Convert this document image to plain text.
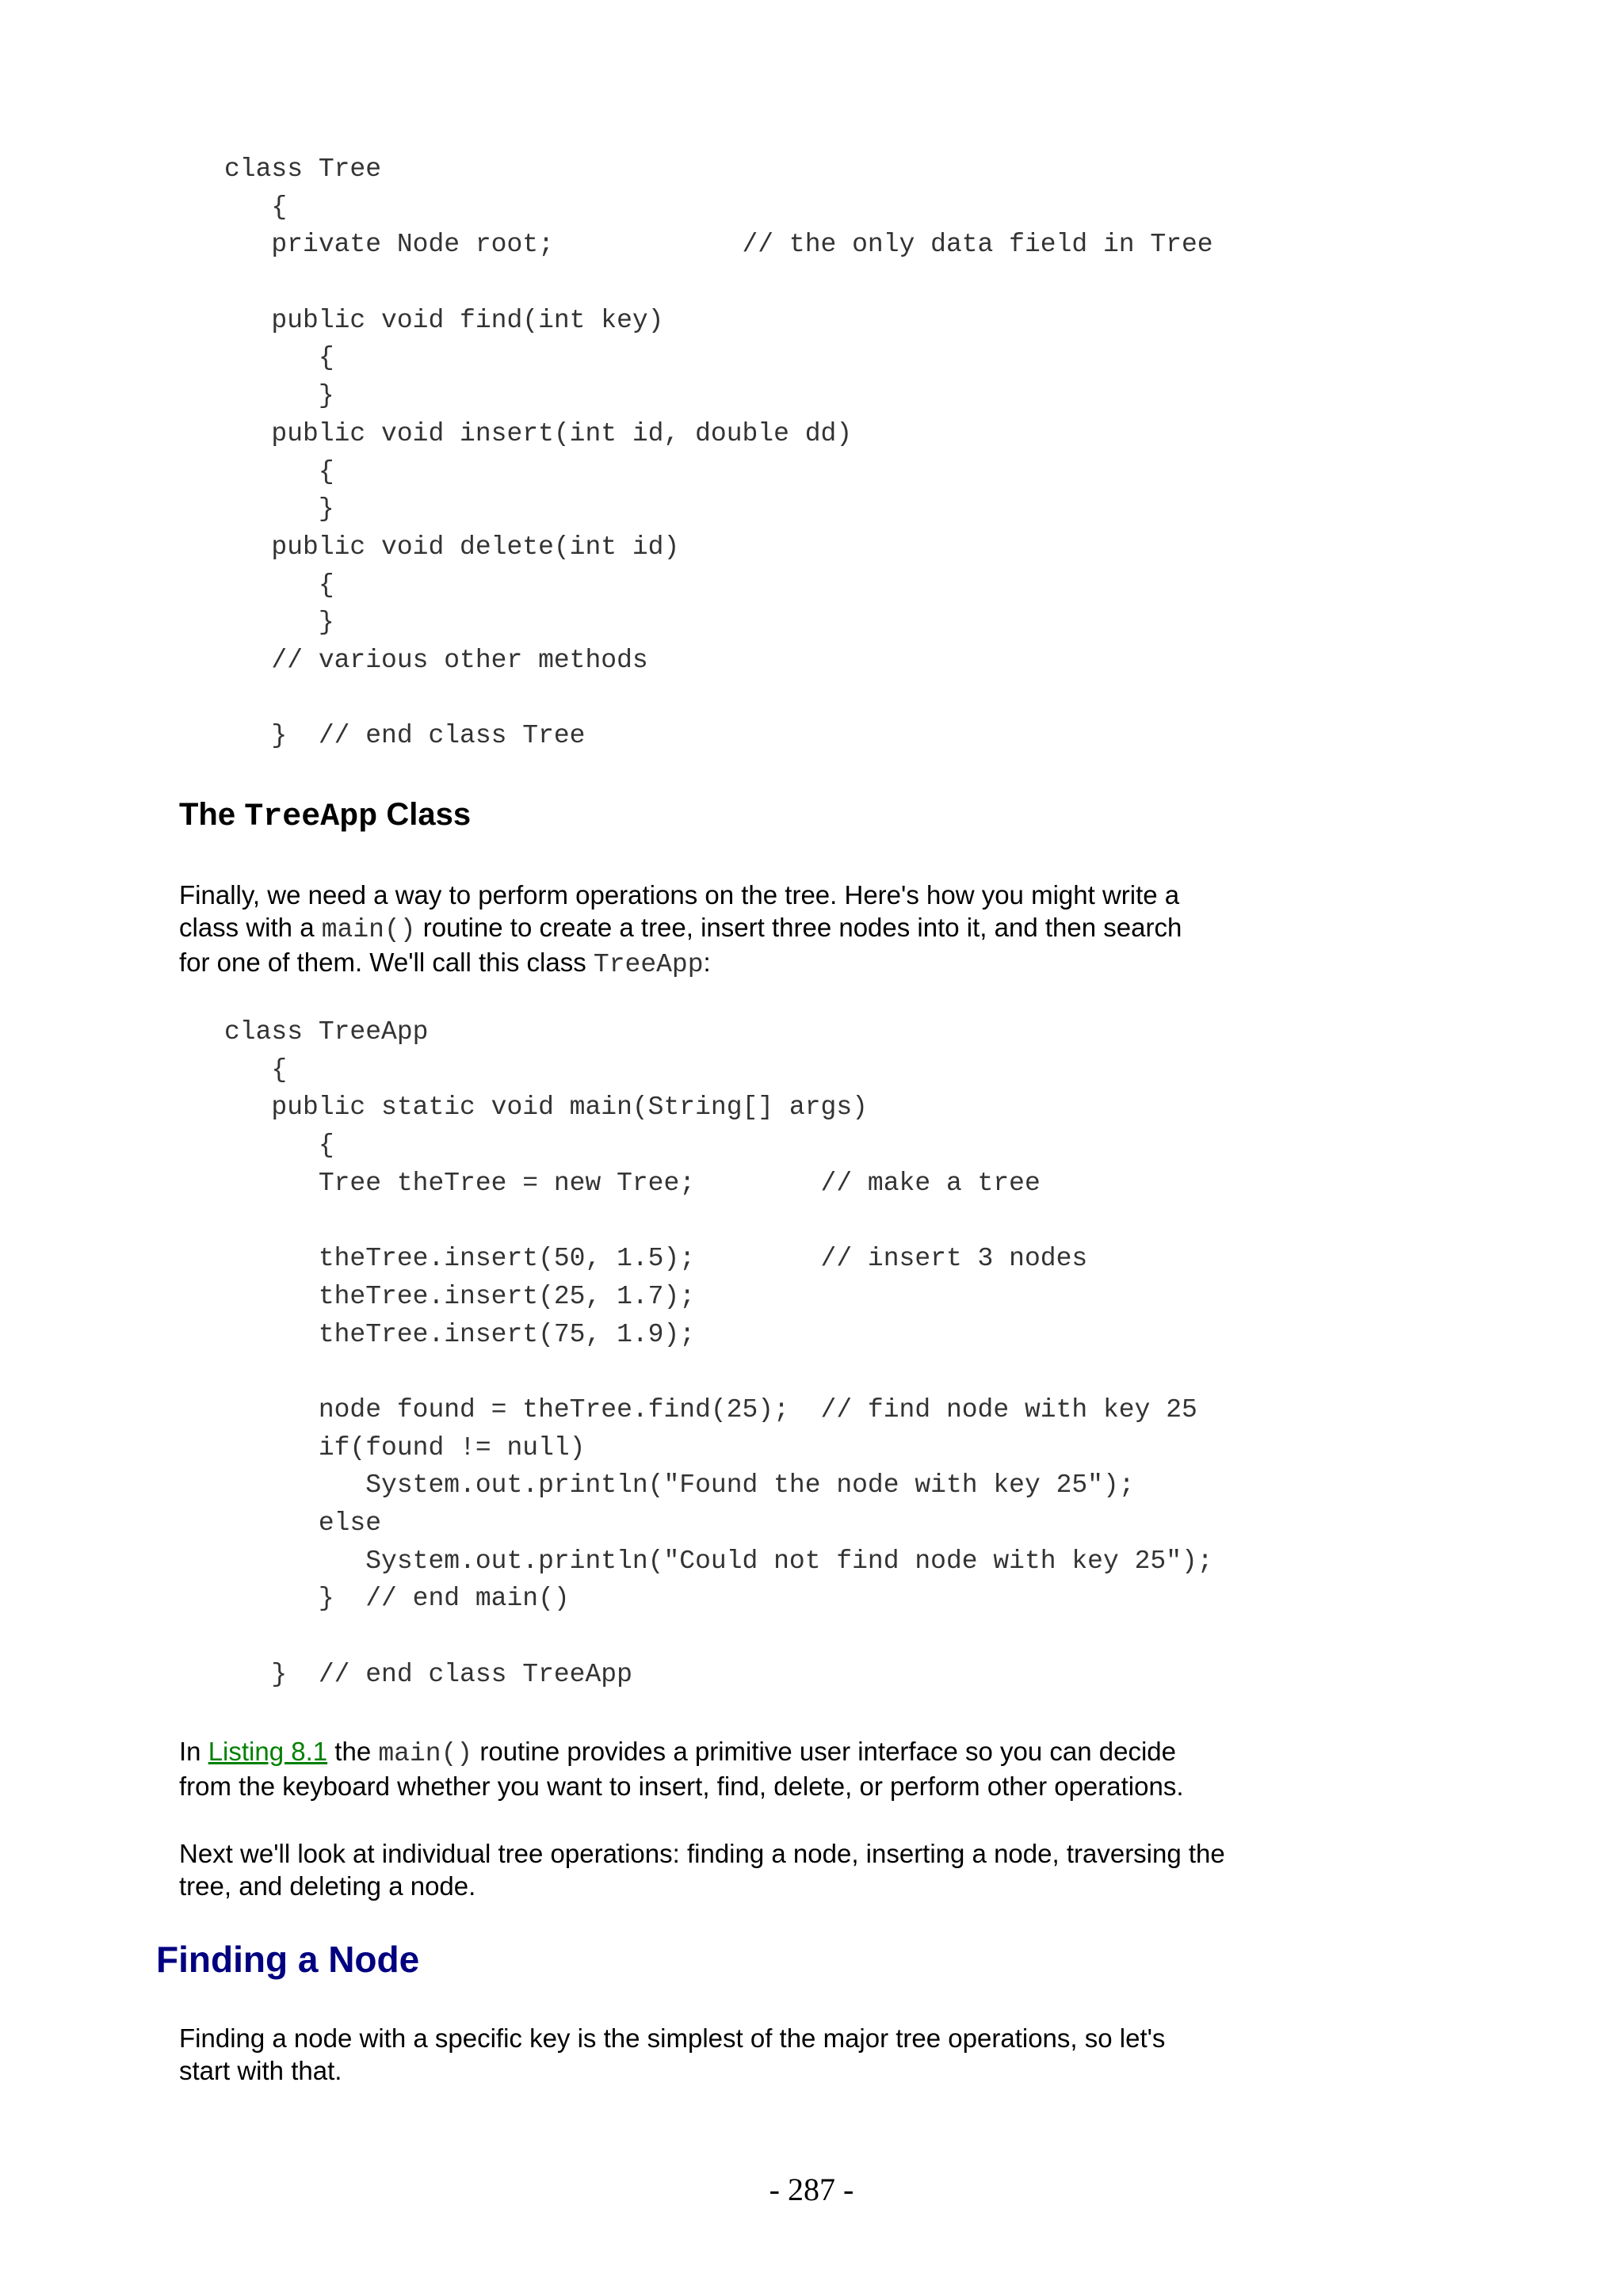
class Tree
{
private Node root;            // the only data field in Tree
public void find(int key)
{
}
public void insert(int id, double dd)
{
}
public void delete(int id)
{
}
// various other methods
}  // end class Tree
The TreeApp Class
Finally, we need a way to perform operations on the tree. Here's how you might write a
class with a main() routine to create a tree, insert three nodes into it, and then search
for one of them. We'll call this class TreeApp:
class TreeApp
{
public static void main(String[] args)
{
Tree theTree = new Tree;        // make a tree
theTree.insert(50, 1.5);        // insert 3 nodes
theTree.insert(25, 1.7);
theTree.insert(75, 1.9);
node found = theTree.find(25);  // find node with key 25
if(found != null)
System.out.println("Found the node with key 25");
else
System.out.println("Could not find node with key 25");
}  // end main()
}  // end class TreeApp
In Listing 8.1 the main() routine provides a primitive user interface so you can decide
from the keyboard whether you want to insert, find, delete, or perform other operations.
Next we'll look at individual tree operations: finding a node, inserting a node, traversing the
tree, and deleting a node.
Finding a Node
Finding a node with a specific key is the simplest of the major tree operations, so let's
start with that.
- 287 -
